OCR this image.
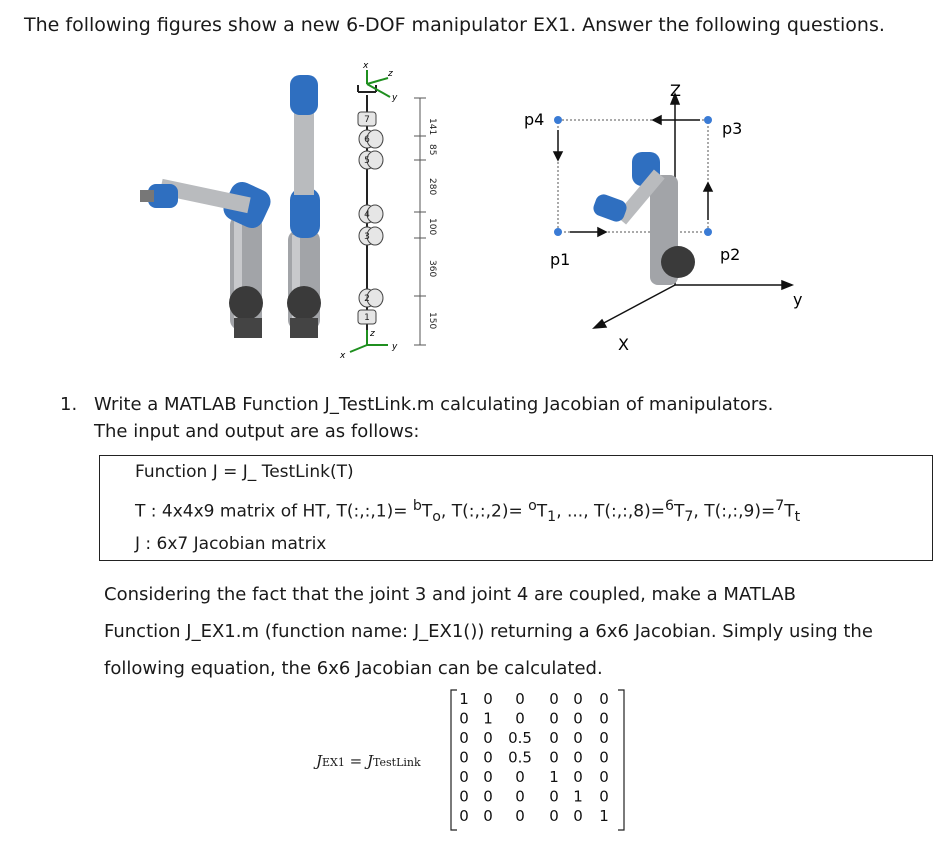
The following figures show a new 6-DOF manipulator EX1. Answer the following questions.
7
6
5
4
3
2
1
x
z
y
z
y
x
141
85
280
100
360
150
Z
y
X
p4
p1	p2
p3
1. Write a MATLAB Function J_TestLink.m calculating Jacobian of manipulators.
The input and output are as follows:
Function J = J_ TestLink(T)
T : 4x4x9 matrix of HT, T(:,:,1)= $^bT_o$, T(:,:,2)= $^oT_1$, ..., $T(:,:,8)=^6T_7$, $T(:,:,9)=^7T_t$
J : 6x7 Jacobian matrix
Considering the fact that the joint 3 and joint 4 are coupled, make a MATLAB
Function J_EX1.m (function name: J_EX1()) returning a 6x6 Jacobian. Simply using the
following equation, the 6x6 Jacobian can be calculated.
JEX1 = JTestLink
1 0 0 0 0 0
0 1 0 0 0 0
0 0 0.5 0 0 0
0 0 0.5 0 0 0
0 0 0 1 0 0
0 0 0 0 1 0
0 0 0 0 0 1
